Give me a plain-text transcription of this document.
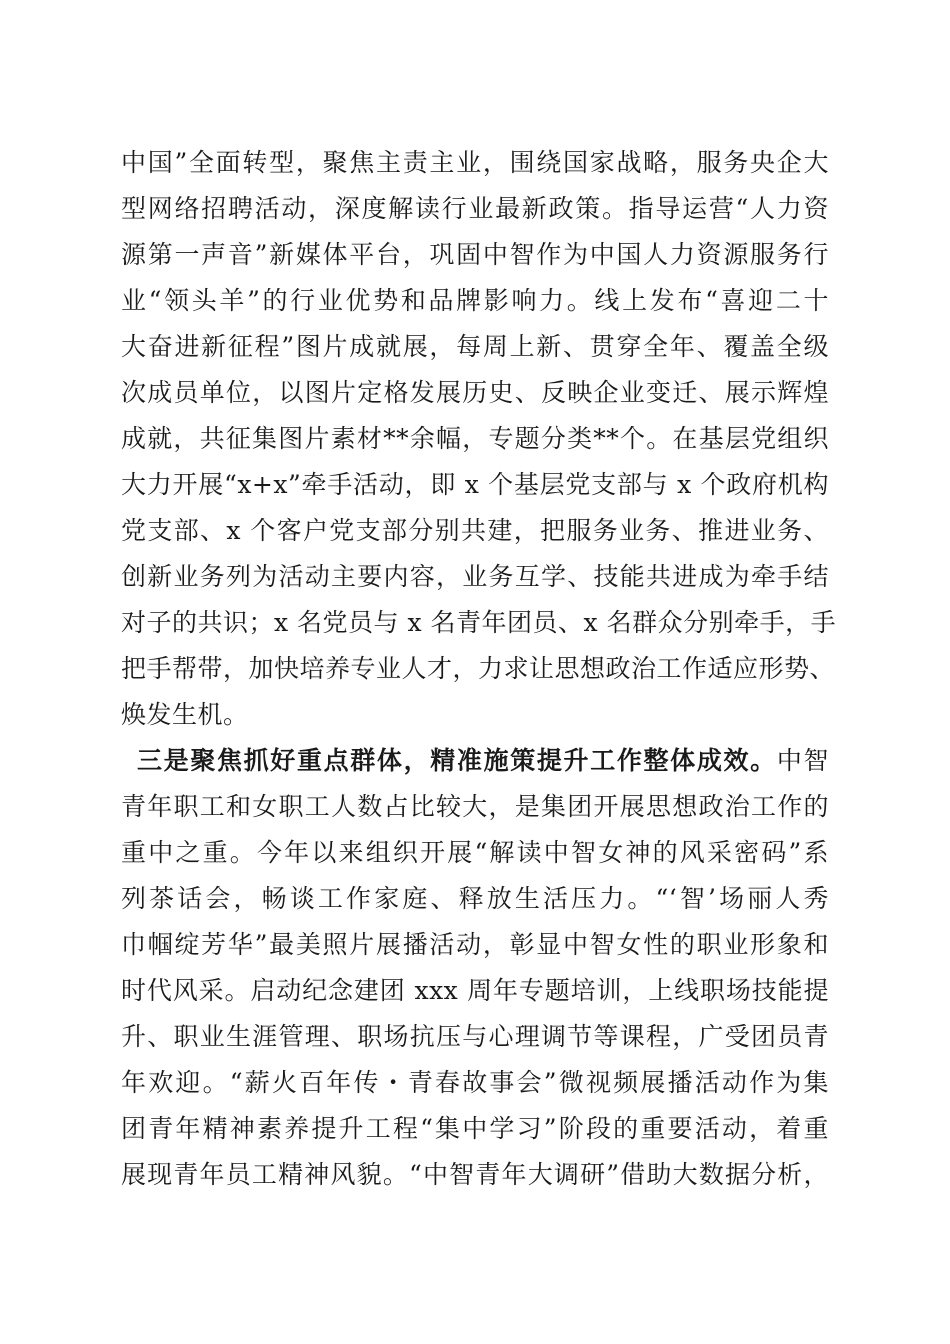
中国”全面转型，聚焦主责主业，围绕国家战略，服务央企大
型网络招聘活动，深度解读行业最新政策。指导运营“人力资
源第一声音”新媒体平台，巩固中智作为中国人力资源服务行
业“领头羊”的行业优势和品牌影响力。线上发布“喜迎二十
大奋进新征程”图片成就展，每周上新、贯穿全年、覆盖全级
次成员单位，以图片定格发展历史、反映企业变迁、展示辉煌
成就，共征集图片素材**余幅，专题分类**个。在基层党组织
大力开展“x+x”牵手活动，即 x 个基层党支部与 x 个政府机构
党支部、x 个客户党支部分别共建，把服务业务、推进业务、
创新业务列为活动主要内容，业务互学、技能共进成为牵手结
对子的共识；x 名党员与 x 名青年团员、x 名群众分别牵手，手
把手帮带，加快培养专业人才，力求让思想政治工作适应形势、
焕发生机。
三是聚焦抓好重点群体，精准施策提升工作整体成效。中智
青年职工和女职工人数占比较大，是集团开展思想政治工作的
重中之重。今年以来组织开展“解读中智女神的风采密码”系
列茶话会，畅谈工作家庭、释放生活压力。“‘智’场丽人秀
巾帼绽芳华”最美照片展播活动，彰显中智女性的职业形象和
时代风采。启动纪念建团 xxx 周年专题培训，上线职场技能提
升、职业生涯管理、职场抗压与心理调节等课程，广受团员青
年欢迎。“薪火百年传・青春故事会”微视频展播活动作为集
团青年精神素养提升工程“集中学习”阶段的重要活动，着重
展现青年员工精神风貌。“中智青年大调研”借助大数据分析，
